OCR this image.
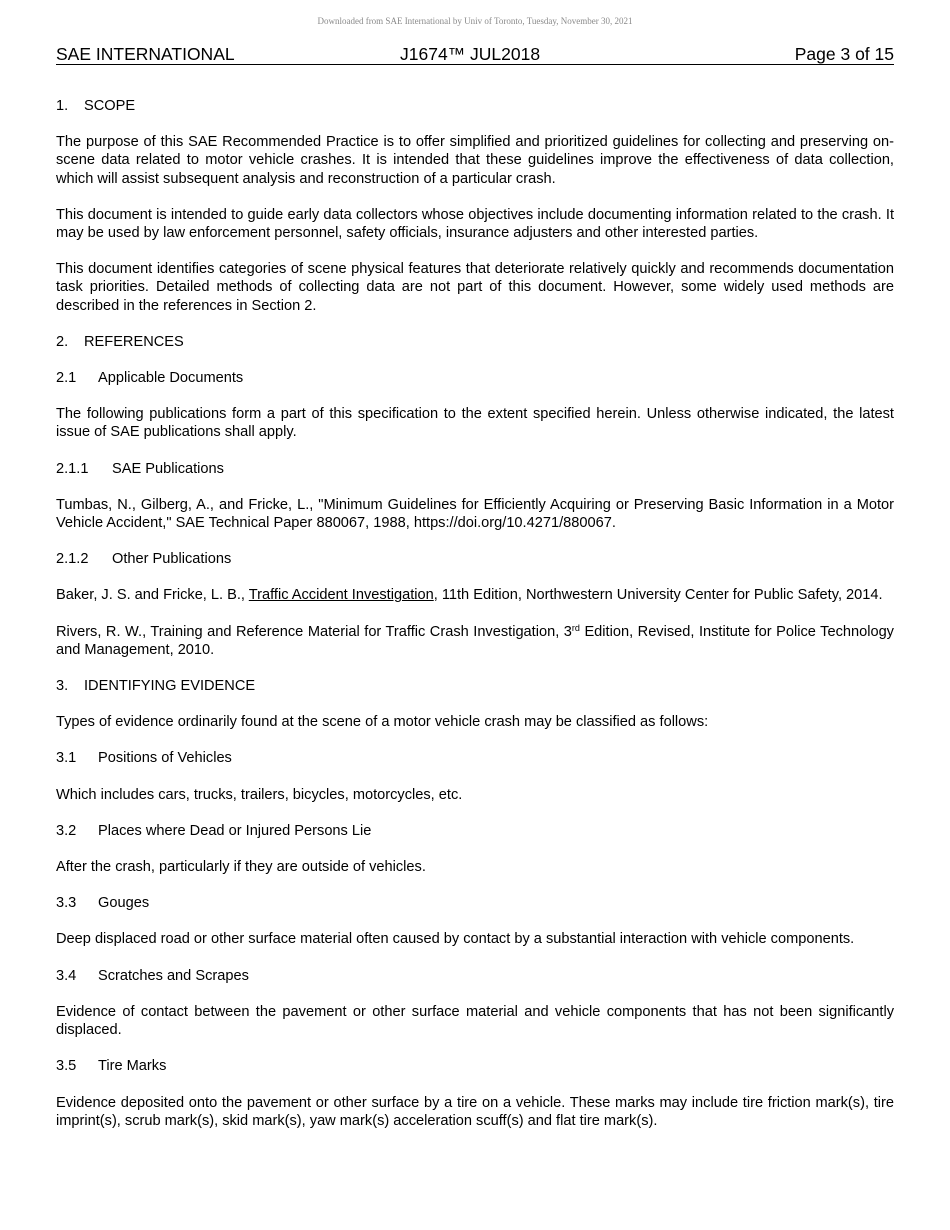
Downloaded from SAE International by Univ of Toronto, Tuesday, November 30, 2021
SAE INTERNATIONAL	J1674™ JUL2018	Page 3 of 15

1. SCOPE

The purpose of this SAE Recommended Practice is to offer simplified and prioritized guidelines for collecting and preserving on-scene data related to motor vehicle crashes. It is intended that these guidelines improve the effectiveness of data collection, which will assist subsequent analysis and reconstruction of a particular crash.

This document is intended to guide early data collectors whose objectives include documenting information related to the crash. It may be used by law enforcement personnel, safety officials, insurance adjusters and other interested parties.

This document identifies categories of scene physical features that deteriorate relatively quickly and recommends documentation task priorities. Detailed methods of collecting data are not part of this document. However, some widely used methods are described in the references in Section 2.

2. REFERENCES

2.1 Applicable Documents

The following publications form a part of this specification to the extent specified herein. Unless otherwise indicated, the latest issue of SAE publications shall apply.

2.1.1 SAE Publications

Tumbas, N., Gilberg, A., and Fricke, L., "Minimum Guidelines for Efficiently Acquiring or Preserving Basic Information in a Motor Vehicle Accident," SAE Technical Paper 880067, 1988, https://doi.org/10.4271/880067.

2.1.2 Other Publications

Baker, J. S. and Fricke, L. B., Traffic Accident Investigation, 11th Edition, Northwestern University Center for Public Safety, 2014.

Rivers, R. W., Training and Reference Material for Traffic Crash Investigation, 3rd Edition, Revised, Institute for Police Technology and Management, 2010.

3. IDENTIFYING EVIDENCE

Types of evidence ordinarily found at the scene of a motor vehicle crash may be classified as follows:

3.1 Positions of Vehicles

Which includes cars, trucks, trailers, bicycles, motorcycles, etc.

3.2 Places where Dead or Injured Persons Lie

After the crash, particularly if they are outside of vehicles.

3.3 Gouges

Deep displaced road or other surface material often caused by contact by a substantial interaction with vehicle components.

3.4 Scratches and Scrapes

Evidence of contact between the pavement or other surface material and vehicle components that has not been significantly displaced.

3.5 Tire Marks

Evidence deposited onto the pavement or other surface by a tire on a vehicle. These marks may include tire friction mark(s), tire imprint(s), scrub mark(s), skid mark(s), yaw mark(s) acceleration scuff(s) and flat tire mark(s).
